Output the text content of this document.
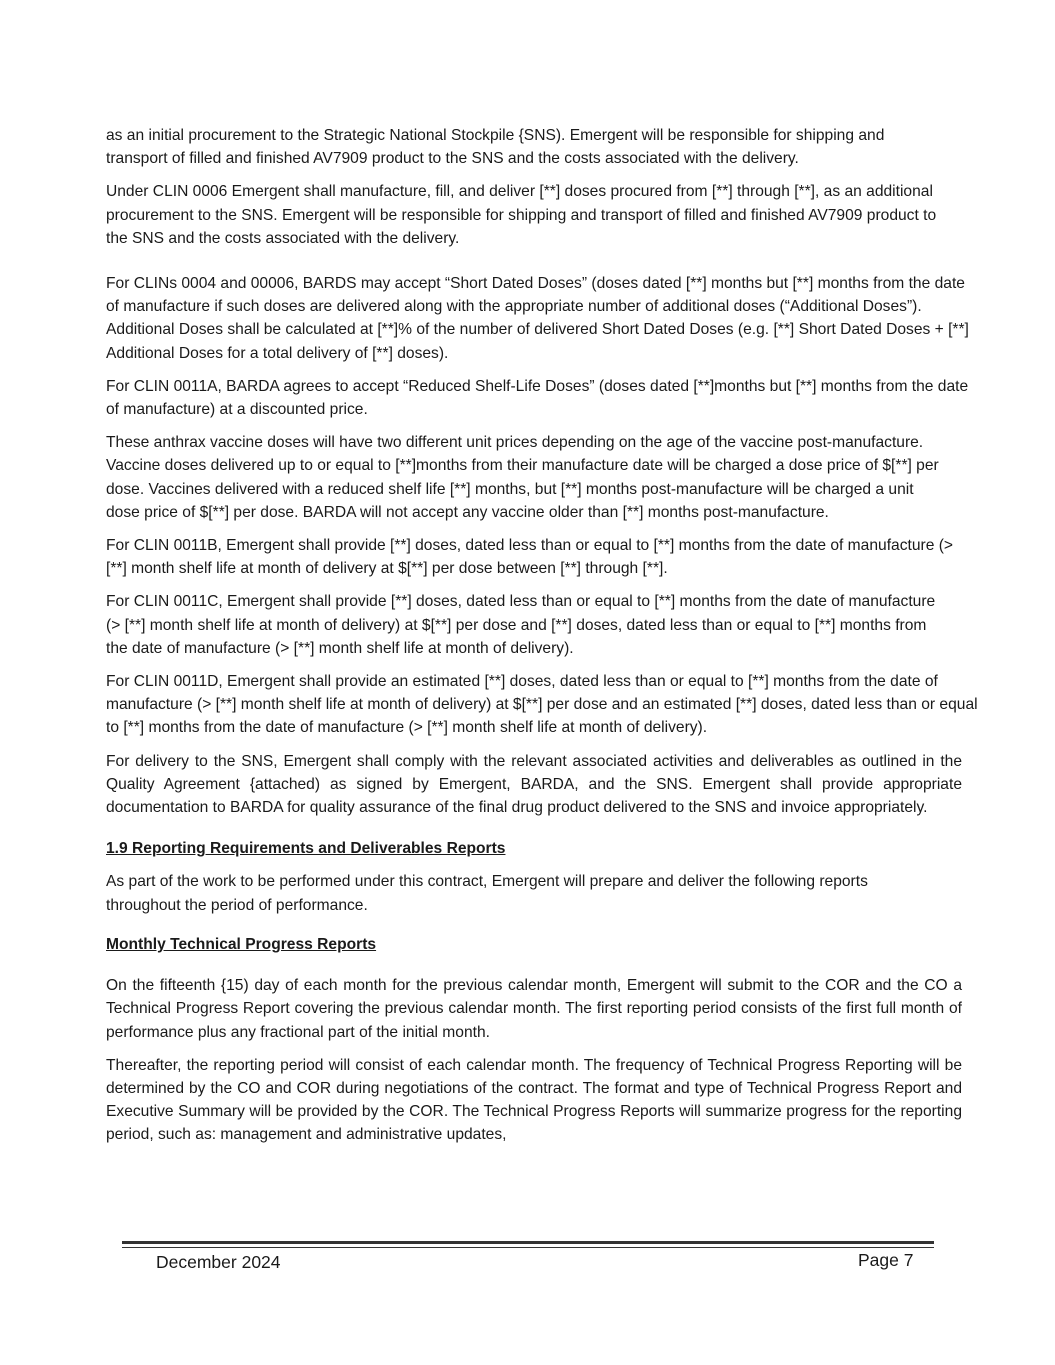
as an initial procurement to the Strategic National Stockpile {SNS). Emergent will be responsible for shipping and transport of filled and finished AV7909 product to the SNS and the costs associated with the delivery.

Under CLIN 0006 Emergent shall manufacture, fill, and deliver [**] doses procured from [**] through [**], as an additional procurement to the SNS. Emergent will be responsible for shipping and transport of filled and finished AV7909 product to the SNS and the costs associated with the delivery.

For CLINs 0004 and 00006, BARDS may accept “Short Dated Doses” (doses dated [**] months but [**] months from the date of manufacture if such doses are delivered along with the appropriate number of additional doses (“Additional Doses”). Additional Doses shall be calculated at [**]% of the number of delivered Short Dated Doses (e.g. [**] Short Dated Doses + [**] Additional Doses for a total delivery of [**] doses).

For CLIN 0011A, BARDA agrees to accept “Reduced Shelf-Life Doses” (doses dated [**]months but [**] months from the date of manufacture) at a discounted price.

These anthrax vaccine doses will have two different unit prices depending on the age of the vaccine post-manufacture. Vaccine doses delivered up to or equal to [**]months from their manufacture date will be charged a dose price of $[**] per dose. Vaccines delivered with a reduced shelf life [**] months, but [**] months post-manufacture will be charged a unit dose price of $[**] per dose. BARDA will not accept any vaccine older than [**] months post-manufacture.

For CLIN 0011B, Emergent shall provide [**] doses, dated less than or equal to [**] months from the date of manufacture (> [**] month shelf life at month of delivery at $[**] per dose between [**] through [**].

For CLIN 0011C, Emergent shall provide [**] doses, dated less than or equal to [**] months from the date of manufacture (> [**] month shelf life at month of delivery) at $[**] per dose and [**] doses, dated less than or equal to [**] months from the date of manufacture (> [**] month shelf life at month of delivery).

For CLIN 0011D, Emergent shall provide an estimated [**] doses, dated less than or equal to [**] months from the date of manufacture (> [**] month shelf life at month of delivery) at $[**] per dose and an estimated [**] doses, dated less than or equal to [**] months from the date of manufacture (> [**] month shelf life at month of delivery).

For delivery to the SNS, Emergent shall comply with the relevant associated activities and deliverables as outlined in the Quality Agreement {attached) as signed by Emergent, BARDA, and the SNS. Emergent shall provide appropriate documentation to BARDA for quality assurance of the final drug product delivered to the SNS and invoice appropriately.

1.9 Reporting Requirements and Deliverables Reports

As part of the work to be performed under this contract, Emergent will prepare and deliver the following reports throughout the period of performance.

Monthly Technical Progress Reports

On the fifteenth {15) day of each month for the previous calendar month, Emergent will submit to the COR and the CO a Technical Progress Report covering the previous calendar month. The first reporting period consists of the first full month of performance plus any fractional part of the initial month.

Thereafter, the reporting period will consist of each calendar month. The frequency of Technical Progress Reporting will be determined by the CO and COR during negotiations of the contract. The format and type of Technical Progress Report and Executive Summary will be provided by the COR. The Technical Progress Reports will summarize progress for the reporting period, such as: management and administrative updates,

December 2024	Page 7
